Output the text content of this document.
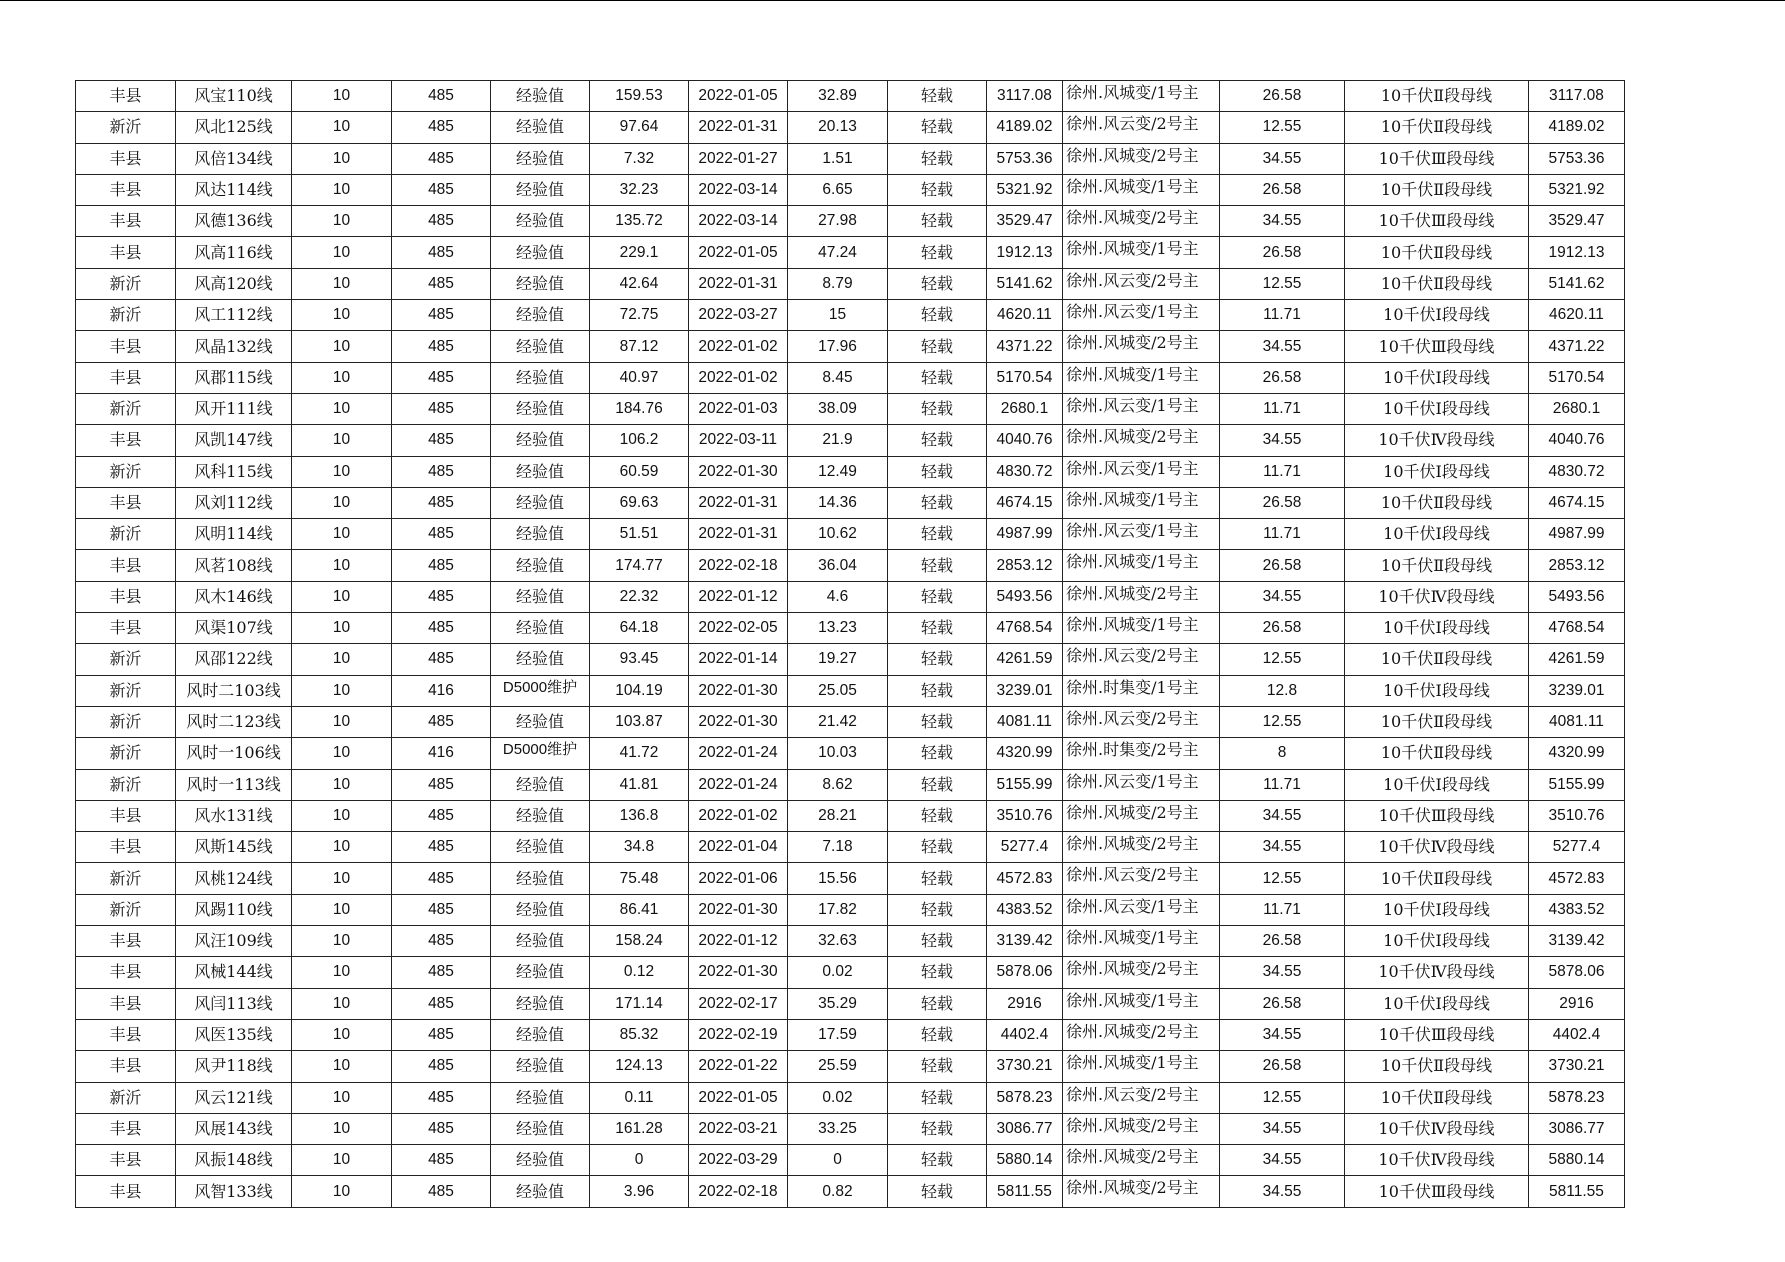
丰县	风宝110线	10	485	经验值	159.53	2022-01-05	32.89	轻载	3117.08	徐州.风城变/1号主	26.58	10千伏Ⅱ段母线	3117.08
新沂	风北125线	10	485	经验值	97.64	2022-01-31	20.13	轻载	4189.02	徐州.风云变/2号主	12.55	10千伏Ⅱ段母线	4189.02
丰县	风倍134线	10	485	经验值	7.32	2022-01-27	1.51	轻载	5753.36	徐州.风城变/2号主	34.55	10千伏Ⅲ段母线	5753.36
丰县	风达114线	10	485	经验值	32.23	2022-03-14	6.65	轻载	5321.92	徐州.风城变/1号主	26.58	10千伏Ⅱ段母线	5321.92
丰县	风德136线	10	485	经验值	135.72	2022-03-14	27.98	轻载	3529.47	徐州.风城变/2号主	34.55	10千伏Ⅲ段母线	3529.47
丰县	风高116线	10	485	经验值	229.1	2022-01-05	47.24	轻载	1912.13	徐州.风城变/1号主	26.58	10千伏Ⅱ段母线	1912.13
新沂	风高120线	10	485	经验值	42.64	2022-01-31	8.79	轻载	5141.62	徐州.风云变/2号主	12.55	10千伏Ⅱ段母线	5141.62
新沂	风工112线	10	485	经验值	72.75	2022-03-27	15	轻载	4620.11	徐州.风云变/1号主	11.71	10千伏Ⅰ段母线	4620.11
丰县	风晶132线	10	485	经验值	87.12	2022-01-02	17.96	轻载	4371.22	徐州.风城变/2号主	34.55	10千伏Ⅲ段母线	4371.22
丰县	风郡115线	10	485	经验值	40.97	2022-01-02	8.45	轻载	5170.54	徐州.风城变/1号主	26.58	10千伏Ⅰ段母线	5170.54
新沂	风开111线	10	485	经验值	184.76	2022-01-03	38.09	轻载	2680.1	徐州.风云变/1号主	11.71	10千伏Ⅰ段母线	2680.1
丰县	风凯147线	10	485	经验值	106.2	2022-03-11	21.9	轻载	4040.76	徐州.风城变/2号主	34.55	10千伏Ⅳ段母线	4040.76
新沂	风科115线	10	485	经验值	60.59	2022-01-30	12.49	轻载	4830.72	徐州.风云变/1号主	11.71	10千伏Ⅰ段母线	4830.72
丰县	风刘112线	10	485	经验值	69.63	2022-01-31	14.36	轻载	4674.15	徐州.风城变/1号主	26.58	10千伏Ⅱ段母线	4674.15
新沂	风明114线	10	485	经验值	51.51	2022-01-31	10.62	轻载	4987.99	徐州.风云变/1号主	11.71	10千伏Ⅰ段母线	4987.99
丰县	风茗108线	10	485	经验值	174.77	2022-02-18	36.04	轻载	2853.12	徐州.风城变/1号主	26.58	10千伏Ⅱ段母线	2853.12
丰县	风木146线	10	485	经验值	22.32	2022-01-12	4.6	轻载	5493.56	徐州.风城变/2号主	34.55	10千伏Ⅳ段母线	5493.56
丰县	风渠107线	10	485	经验值	64.18	2022-02-05	13.23	轻载	4768.54	徐州.风城变/1号主	26.58	10千伏Ⅰ段母线	4768.54
新沂	风邵122线	10	485	经验值	93.45	2022-01-14	19.27	轻载	4261.59	徐州.风云变/2号主	12.55	10千伏Ⅱ段母线	4261.59
新沂	风时二103线	10	416	D5000维护	104.19	2022-01-30	25.05	轻载	3239.01	徐州.时集变/1号主	12.8	10千伏Ⅰ段母线	3239.01
新沂	风时二123线	10	485	经验值	103.87	2022-01-30	21.42	轻载	4081.11	徐州.风云变/2号主	12.55	10千伏Ⅱ段母线	4081.11
新沂	风时一106线	10	416	D5000维护	41.72	2022-01-24	10.03	轻载	4320.99	徐州.时集变/2号主	8	10千伏Ⅱ段母线	4320.99
新沂	风时一113线	10	485	经验值	41.81	2022-01-24	8.62	轻载	5155.99	徐州.风云变/1号主	11.71	10千伏Ⅰ段母线	5155.99
丰县	风水131线	10	485	经验值	136.8	2022-01-02	28.21	轻载	3510.76	徐州.风城变/2号主	34.55	10千伏Ⅲ段母线	3510.76
丰县	风斯145线	10	485	经验值	34.8	2022-01-04	7.18	轻载	5277.4	徐州.风城变/2号主	34.55	10千伏Ⅳ段母线	5277.4
新沂	风桃124线	10	485	经验值	75.48	2022-01-06	15.56	轻载	4572.83	徐州.风云变/2号主	12.55	10千伏Ⅱ段母线	4572.83
新沂	风踢110线	10	485	经验值	86.41	2022-01-30	17.82	轻载	4383.52	徐州.风云变/1号主	11.71	10千伏Ⅰ段母线	4383.52
丰县	风汪109线	10	485	经验值	158.24	2022-01-12	32.63	轻载	3139.42	徐州.风城变/1号主	26.58	10千伏Ⅰ段母线	3139.42
丰县	风械144线	10	485	经验值	0.12	2022-01-30	0.02	轻载	5878.06	徐州.风城变/2号主	34.55	10千伏Ⅳ段母线	5878.06
丰县	风闫113线	10	485	经验值	171.14	2022-02-17	35.29	轻载	2916	徐州.风城变/1号主	26.58	10千伏Ⅰ段母线	2916
丰县	风医135线	10	485	经验值	85.32	2022-02-19	17.59	轻载	4402.4	徐州.风城变/2号主	34.55	10千伏Ⅲ段母线	4402.4
丰县	风尹118线	10	485	经验值	124.13	2022-01-22	25.59	轻载	3730.21	徐州.风城变/1号主	26.58	10千伏Ⅱ段母线	3730.21
新沂	风云121线	10	485	经验值	0.11	2022-01-05	0.02	轻载	5878.23	徐州.风云变/2号主	12.55	10千伏Ⅱ段母线	5878.23
丰县	风展143线	10	485	经验值	161.28	2022-03-21	33.25	轻载	3086.77	徐州.风城变/2号主	34.55	10千伏Ⅳ段母线	3086.77
丰县	风振148线	10	485	经验值	0	2022-03-29	0	轻载	5880.14	徐州.风城变/2号主	34.55	10千伏Ⅳ段母线	5880.14
丰县	风智133线	10	485	经验值	3.96	2022-02-18	0.82	轻载	5811.55	徐州.风城变/2号主	34.55	10千伏Ⅲ段母线	5811.55
